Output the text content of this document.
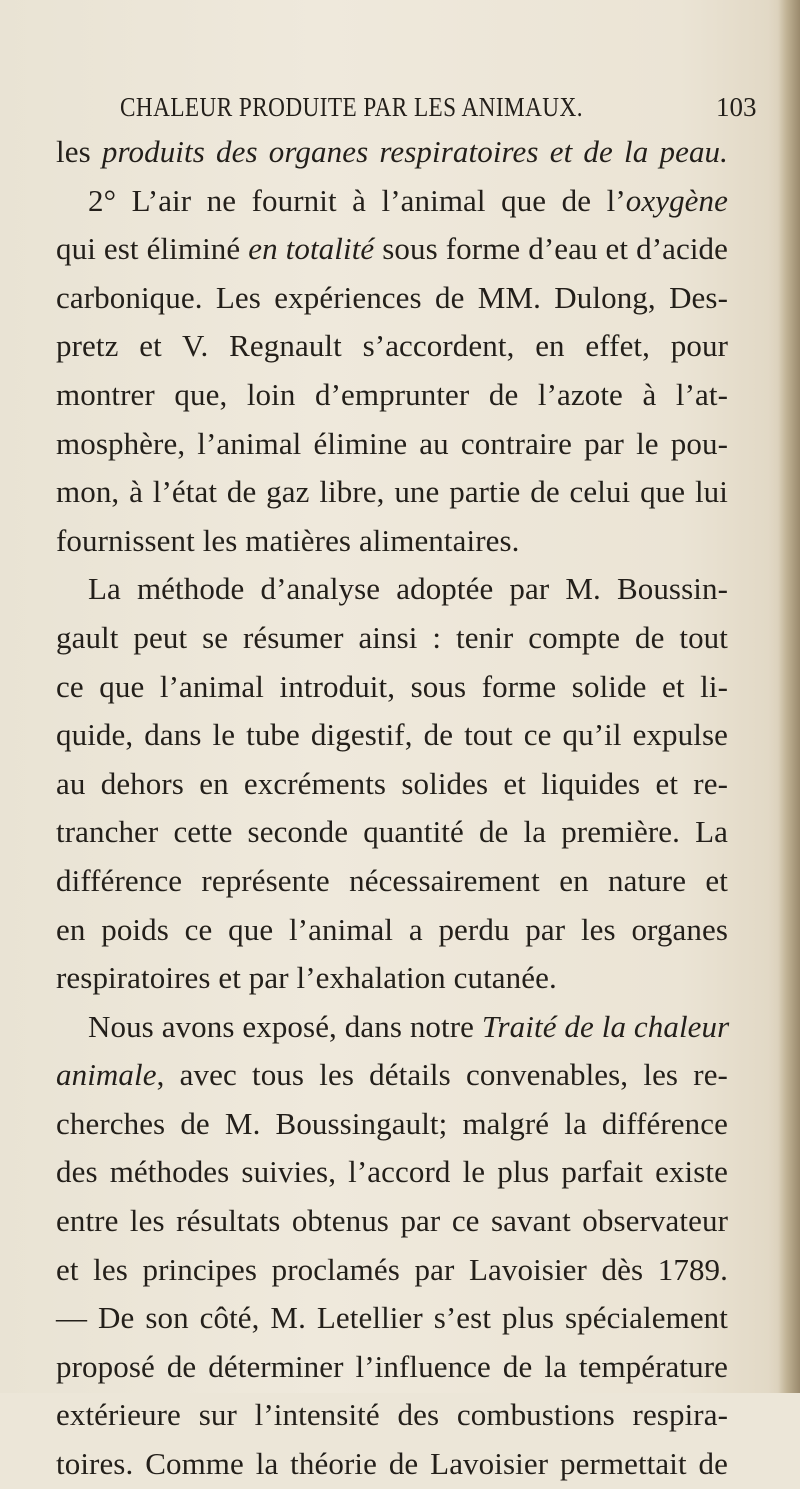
CHALEUR PRODUITE PAR LES ANIMAUX.	103
les produits des organes respiratoires et de la peau.
2° L’air ne fournit à l’animal que de l’oxygène
qui est éliminé en totalité sous forme d’eau et d’acide
carbonique. Les expériences de MM. Dulong, Des-
pretz et V. Regnault s’accordent, en effet, pour
montrer que, loin d’emprunter de l’azote à l’at-
mosphère, l’animal élimine au contraire par le pou-
mon, à l’état de gaz libre, une partie de celui que lui
fournissent les matières alimentaires.
La méthode d’analyse adoptée par M. Boussin-
gault peut se résumer ainsi : tenir compte de tout
ce que l’animal introduit, sous forme solide et li-
quide, dans le tube digestif, de tout ce qu’il expulse
au dehors en excréments solides et liquides et re-
trancher cette seconde quantité de la première. La
différence représente nécessairement en nature et
en poids ce que l’animal a perdu par les organes
respiratoires et par l’exhalation cutanée.
Nous avons exposé, dans notre Traité de la chaleur
animale, avec tous les détails convenables, les re-
cherches de M. Boussingault; malgré la différence
des méthodes suivies, l’accord le plus parfait existe
entre les résultats obtenus par ce savant observateur
et les principes proclamés par Lavoisier dès 1789.
— De son côté, M. Letellier s’est plus spécialement
proposé de déterminer l’influence de la température
extérieure sur l’intensité des combustions respira-
toires. Comme la théorie de Lavoisier permettait de
